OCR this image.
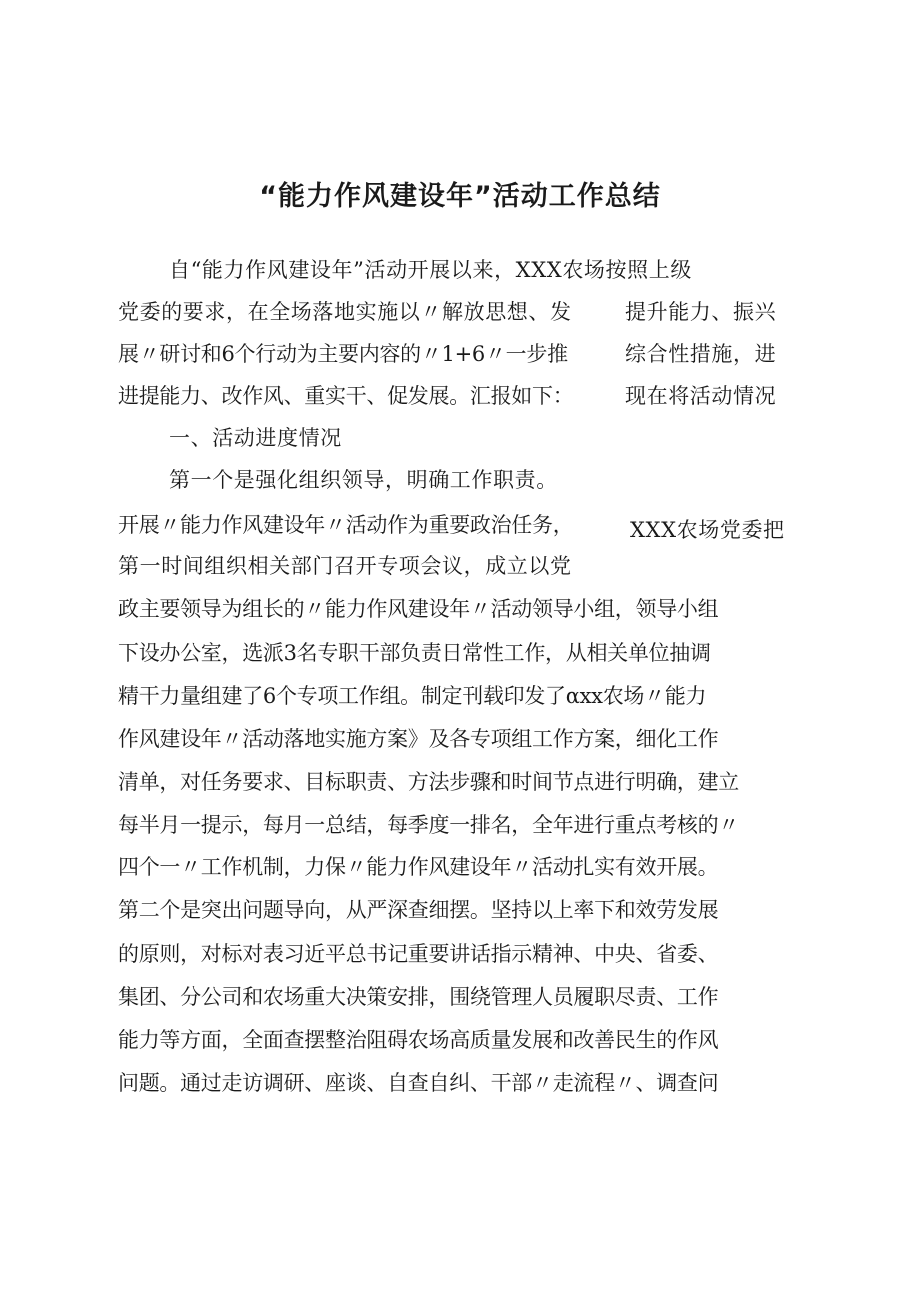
“能力作风建设年”活动工作总结
自“能力作风建设年”活动开展以来，XXX农场按照上级
党委的要求，在全场落地实施以〃解放思想、发	提升能力、振兴
展〃研讨和6个行动为主要内容的〃1+6〃一步推	综合性措施，进
进提能力、改作风、重实干、促发展。汇报如下： 现在将活动情况
一、活动进度情况
第一个是强化组织领导，明确工作职责。
开展〃能力作风建设年〃活动作为重要政治任务，	XXX农场党委把
第一时间组织相关部门召开专项会议，成立以党
政主要领导为组长的〃能力作风建设年〃活动领导小组，领导小组
下设办公室，选派3名专职干部负责日常性工作，从相关单位抽调
精干力量组建了6个专项工作组。制定刊载印发了αxx农场〃能力
作风建设年〃活动落地实施方案》及各专项组工作方案，细化工作
清单，对任务要求、目标职责、方法步骤和时间节点进行明确，建立
每半月一提示，每月一总结，每季度一排名，全年进行重点考核的〃
四个一〃工作机制，力保〃能力作风建设年〃活动扎实有效开展。
第二个是突出问题导向，从严深查细摆。坚持以上率下和效劳发展
的原则，对标对表习近平总书记重要讲话指示精神、中央、省委、
集团、分公司和农场重大决策安排，围绕管理人员履职尽责、工作
能力等方面，全面查摆整治阻碍农场高质量发展和改善民生的作风
问题。通过走访调研、座谈、自查自纠、干部〃走流程〃、调查问
